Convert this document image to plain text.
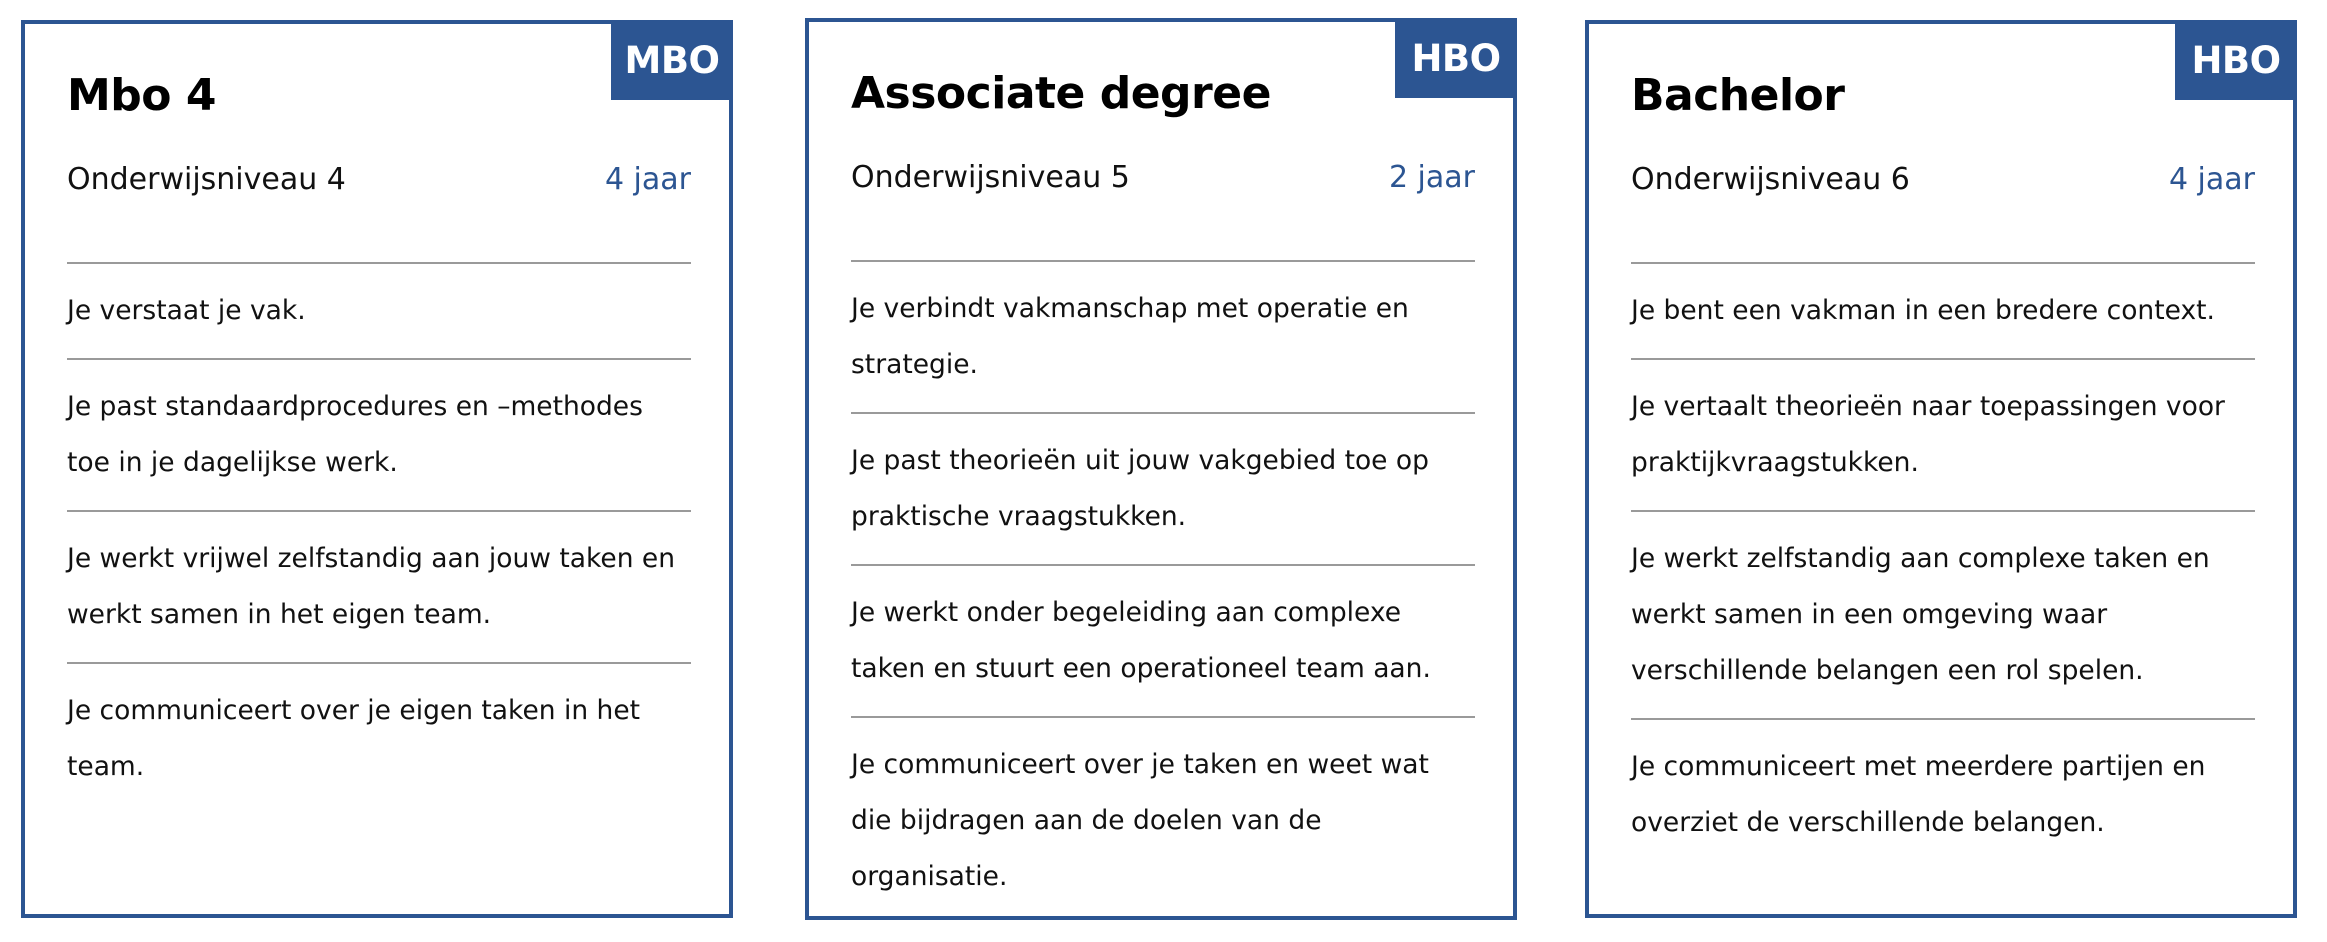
MBO
Mbo 4
Onderwijsniveau 4	4 jaar
Je verstaat je vak.
Je past standaardprocedures en –methodes toe in je dagelijkse werk.
Je werkt vrijwel zelfstandig aan jouw taken en werkt samen in het eigen team.
Je communiceert over je eigen taken in het team.
HBO
Associate degree
Onderwijsniveau 5	2 jaar
Je verbindt vakmanschap met operatie en strategie.
Je past theorieën uit jouw vakgebied toe op praktische vraagstukken.
Je werkt onder begeleiding aan complexe taken en stuurt een operationeel team aan.
Je communiceert over je taken en weet wat die bijdragen aan de doelen van de organisatie.
HBO
Bachelor
Onderwijsniveau 6	4 jaar
Je bent een vakman in een bredere context.
Je vertaalt theorieën naar toepassingen voor praktijkvraagstukken.
Je werkt zelfstandig aan complexe taken en werkt samen in een omgeving waar verschillende belangen een rol spelen.
Je communiceert met meerdere partijen en overziet de verschillende belangen.
